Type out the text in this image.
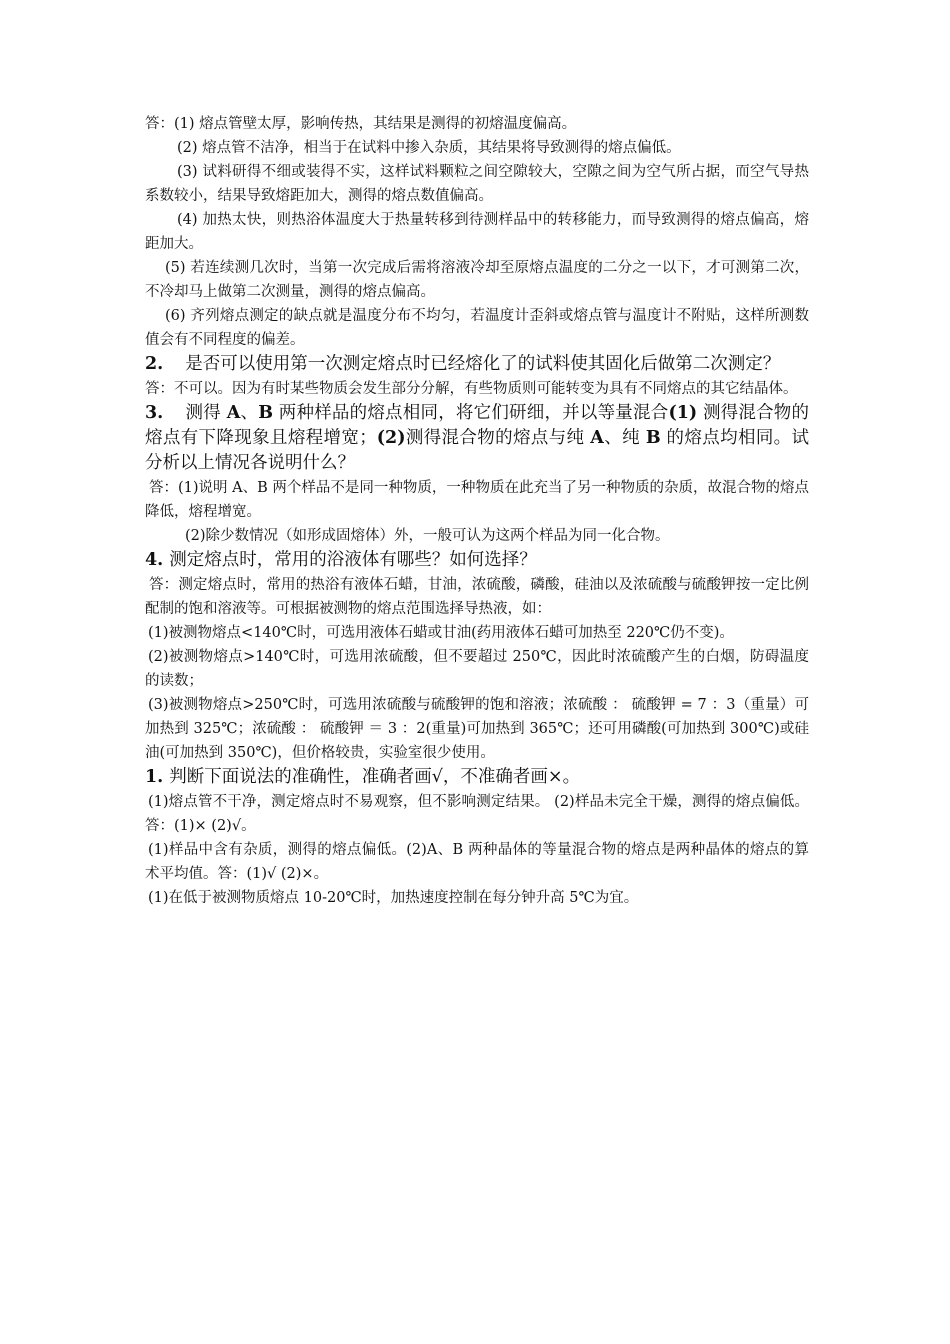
答：(1) 熔点管壁太厚，影响传热，其结果是测得的初熔温度偏高。

(2) 熔点管不洁净，相当于在试料中掺入杂质，其结果将导致测得的熔点偏低。

(3) 试料研得不细或装得不实，这样试料颗粒之间空隙较大，空隙之间为空气所占据，而空气导热系数较小，结果导致熔距加大，测得的熔点数值偏高。

(4) 加热太快，则热浴体温度大于热量转移到待测样品中的转移能力，而导致测得的熔点偏高，熔距加大。

(5) 若连续测几次时，当第一次完成后需将溶液冷却至原熔点温度的二分之一以下，才可测第二次，不冷却马上做第二次测量，测得的熔点偏高。

(6) 齐列熔点测定的缺点就是温度分布不均匀，若温度计歪斜或熔点管与温度计不附贴，这样所测数值会有不同程度的偏差。

2. 是否可以使用第一次测定熔点时已经熔化了的试料使其固化后做第二次测定？

答：不可以。因为有时某些物质会发生部分分解，有些物质则可能转变为具有不同熔点的其它结晶体。

3. 测得 A、B 两种样品的熔点相同，将它们研细，并以等量混合(1) 测得混合物的熔点有下降现象且熔程增宽；(2)测得混合物的熔点与纯 A、纯 B 的熔点均相同。试分析以上情况各说明什么？

答：(1)说明 A、B 两个样品不是同一种物质，一种物质在此充当了另一种物质的杂质，故混合物的熔点降低，熔程增宽。

(2)除少数情况（如形成固熔体）外，一般可认为这两个样品为同一化合物。

4. 测定熔点时，常用的浴液体有哪些？如何选择？

答：测定熔点时，常用的热浴有液体石蜡，甘油，浓硫酸，磷酸，硅油以及浓硫酸与硫酸钾按一定比例配制的饱和溶液等。可根据被测物的熔点范围选择导热液，如：

(1)被测物熔点<140℃时，可选用液体石蜡或甘油(药用液体石蜡可加热至 220℃仍不变)。

(2)被测物熔点>140℃时，可选用浓硫酸，但不要超过 250℃，因此时浓硫酸产生的白烟，防碍温度的读数；

(3)被测物熔点>250℃时，可选用浓硫酸与硫酸钾的饱和溶液；浓硫酸 ： 硫酸钾 = 7 ：3（重量）可加热到 325℃；浓硫酸 ： 硫酸钾 ＝ 3 ：2(重量)可加热到 365℃；还可用磷酸(可加热到 300℃)或硅油(可加热到 350℃)，但价格较贵，实验室很少使用。

1. 判断下面说法的准确性，准确者画√，不准确者画×。

(1)熔点管不干净，测定熔点时不易观察，但不影响测定结果。 (2)样品未完全干燥，测得的熔点偏低。答：(1)× (2)√。

(1)样品中含有杂质，测得的熔点偏低。(2)A、B 两种晶体的等量混合物的熔点是两种晶体的熔点的算术平均值。答：(1)√ (2)×。

(1)在低于被测物质熔点 10-20℃时，加热速度控制在每分钟升高 5℃为宜。
